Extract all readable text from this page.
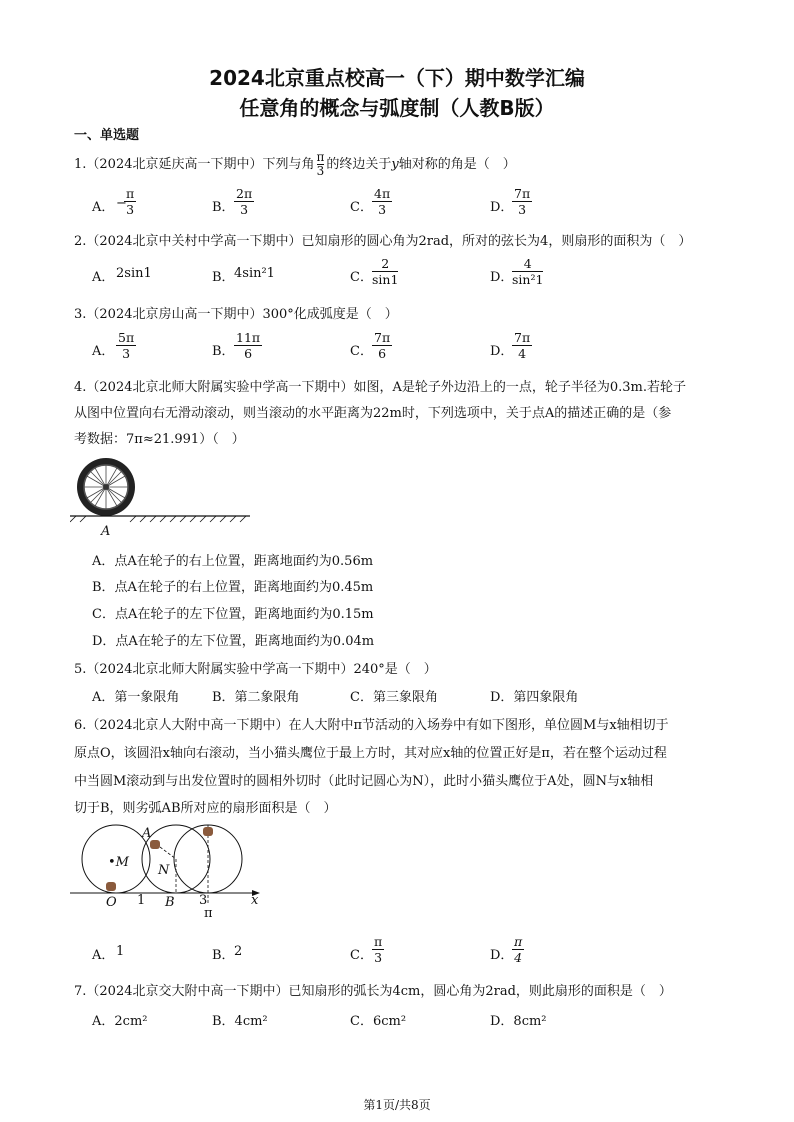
2024北京重点校高一（下）期中数学汇编
任意角的概念与弧度制（人教B版）
一、单选题
1.（2024北京延庆高一下期中）下列与角 $\frac{\pi}{3}$ 的终边关于y轴对称的角是（　）
A． −
$\frac{\pi}{3}$	B． $\frac{2\pi}{3}$	C． $\frac{4\pi}{3}$	D．
$\frac{7\pi}{3}$
2.（2024北京中关村中学高一下期中）已知扇形的圆心角为2rad，所对的弦长为4，则扇形的面积为（　）
A． 2sin1	B． 4sin²1	C． $\frac{2}{\sin 1}$	D．
$\frac{4}{\text{sin²1}}$
3.（2024北京房山高一下期中）300°化成弧度是（　）
A． $\frac{5\pi}{3}$	B． $\frac{11\pi}{6}$	C． $\frac{7\pi}{6}$	D．
$\frac{7\pi}{4}$
4.（2024北京北师大附属实验中学高一下期中）如图，A是轮子外边沿上的一点，轮子半径为0.3m.若轮子
从图中位置向右无滑动滚动，则当滚动的水平距离为22m时，下列选项中，关于点A的描述正确的是（参
考数据：7π≈21.991）（　）
A
A．点A在轮子的右上位置，距离地面约为0.56m
B．点A在轮子的右上位置，距离地面约为0.45m
C．点A在轮子的左下位置，距离地面约为0.15m
D．点A在轮子的左下位置，距离地面约为0.04m
5.（2024北京北师大附属实验中学高一下期中）240°是（　）
A．第一象限角	B．第二象限角	C．第三象限角	D．第四象限角
6.（2024北京人大附中高一下期中）在人大附中π节活动的入场券中有如下图形，单位圆M与x轴相切于
原点O，该圆沿x轴向右滚动，当小猫头鹰位于最上方时，其对应x轴的位置正好是π，若在整个运动过程
中当圆M滚动到与出发位置时的圆相外切时（此时记圆心为N），此时小猫头鹰位于A处，圆N与x轴相
切于B，则劣弧AB所对应的扇形面积是（　）
A
•M
N
O 1 B 3
π
x
A． 1	B． 2	C． $\frac{\pi}{3}$	D．
$\frac{\pi}{4}$
7.（2024北京交大附中高一下期中）已知扇形的弧长为4cm，圆心角为2rad，则此扇形的面积是（　）
A．2cm²	B．4cm²	C．6cm²	D．8cm²
第1页/共8页
